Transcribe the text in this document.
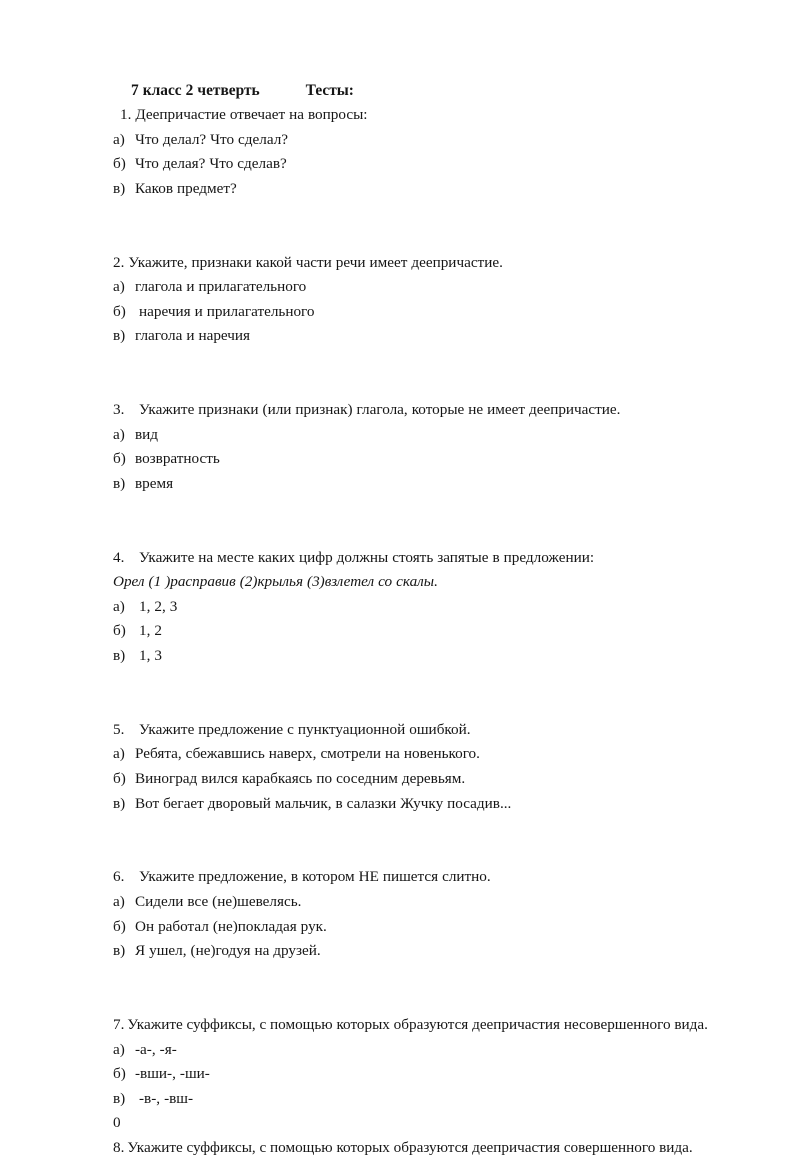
7 класс 2 четверть	Тесты:
1. Деепричастие отвечает на вопросы:
а) Что делал? Что сделал?
б) Что делая? Что сделав?
в) Каков предмет?
2. Укажите, признаки какой части речи имеет деепричастие.
а) глагола и прилагательного
б) наречия и прилагательного
в) глагола и наречия
3. Укажите признаки (или признак) глагола, которые не имеет деепричастие.
а) вид
б) возвратность
в) время
4. Укажите на месте каких цифр должны стоять запятые в предложении:
Орел (1 )расправив (2)крылья (3)взлетел со скалы.
а) 1, 2, 3
б) 1, 2
в) 1, 3
5. Укажите предложение с пунктуационной ошибкой.
а) Ребята, сбежавшись наверх, смотрели на новенького.
б) Виноград вился карабкаясь по соседним деревьям.
в) Вот бегает дворовый мальчик, в салазки Жучку посадив...
6. Укажите предложение, в котором НЕ пишется слитно.
а) Сидели все (не)шевелясь.
б) Он работал (не)покладая рук.
в) Я ушел, (не)годуя на друзей.
7. Укажите суффиксы, с помощью которых образуются деепричастия несовершенного вида.
а) -а-, -я-
б) -вши-, -ши-
в) -в-, -вш-
0
8. Укажите суффиксы, с помощью которых образуются деепричастия совершенного вида.
